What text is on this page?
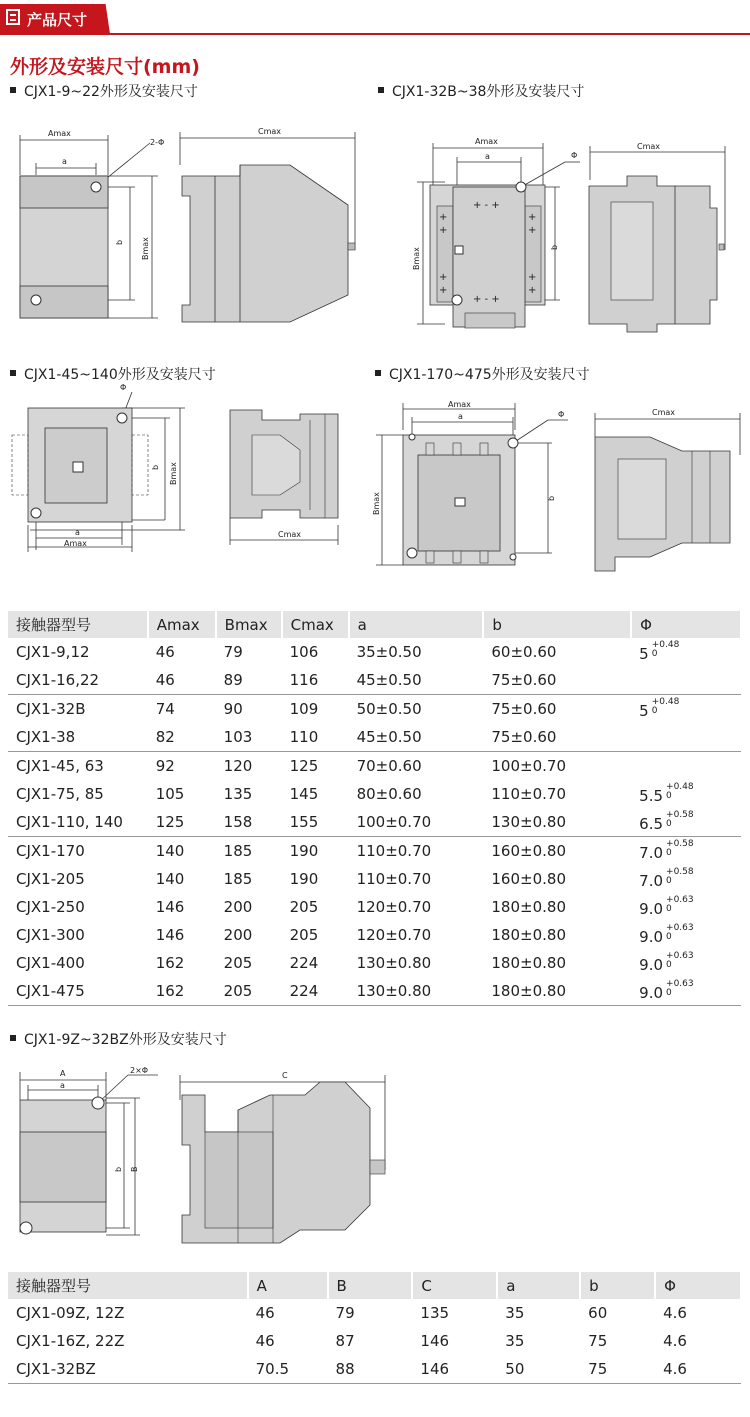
产品尺寸
外形及安装尺寸(mm)
CJX1-9~22外形及安装尺寸	CJX1-32B~38外形及安装尺寸
CJX1-45~140外形及安装尺寸	CJX1-170~475外形及安装尺寸
CJX1-9Z~32BZ外形及安装尺寸
Amax
a
2-Φ
b Bmax
Cmax
+ - +
+ - +
+
+
+
+
+
+
+
+
Amax
a	Φ
b
Bmax
Cmax
Φ
a
Amax
b Bmax
Cmax
Amax
a	Φ
b
Bmax
Cmax
接触器型号	Amax	Bmax	Cmax	a	b	Φ
CJX1-9,12	46	79	106	35±0.50	60±0.60	5 +0.48
0

CJX1-16,22	46	89	116	45±0.50	75±0.60	
CJX1-32B	74	90	109	50±0.50	75±0.60	5 +0.48
0

CJX1-38	82	103	110	45±0.50	75±0.60	
CJX1-45, 63	92	120	125	70±0.60	100±0.70	
CJX1-75, 85	105	135	145	80±0.60	110±0.70	5.5 +0.48
0

CJX1-110, 140	125	158	155	100±0.70	130±0.80	6.5 +0.58
0

CJX1-170	140	185	190	110±0.70	160±0.80	7.0 +0.58
0

CJX1-205	140	185	190	110±0.70	160±0.80	7.0 +0.58
0

CJX1-250	146	200	205	120±0.70	180±0.80	9.0 +0.63
0

CJX1-300	146	200	205	120±0.70	180±0.80	9.0 +0.63
0

CJX1-400	162	205	224	130±0.80	180±0.80	9.0 +0.63
0

CJX1-475	162	205	224	130±0.80	180±0.80	9.0 +0.63
0
A
a
2×Φ
b B
C
接触器型号	A	B	C	a	b	Φ
CJX1-09Z, 12Z	46	79	135	35	60	4.6
CJX1-16Z, 22Z	46	87	146	35	75	4.6
CJX1-32BZ	70.5	88	146	50	75	4.6
